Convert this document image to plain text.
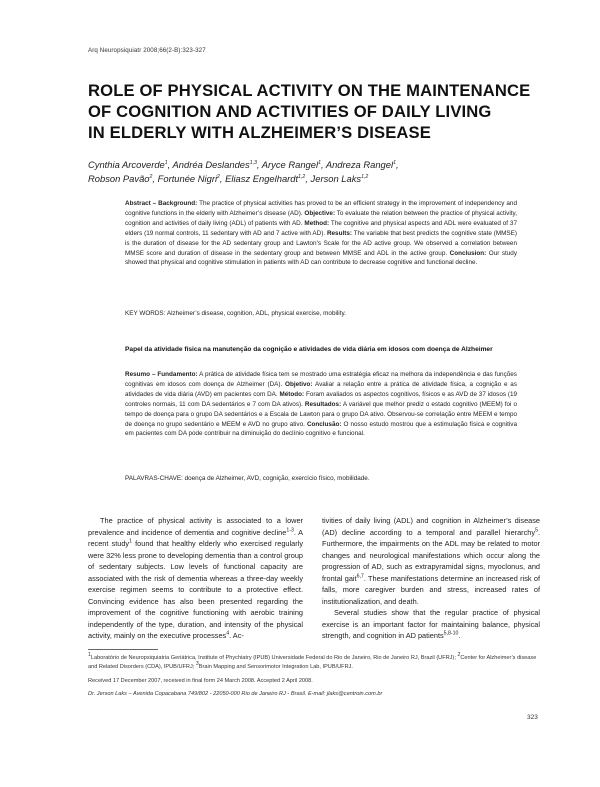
Arq Neuropsiquiatr 2008;66(2-B):323-327
ROLE OF PHYSICAL ACTIVITY ON THE MAINTENANCE
OF COGNITION AND ACTIVITIES OF DAILY LIVING
IN ELDERLY WITH ALZHEIMER’S DISEASE
Cynthia Arcoverde$^1$, Andréa Deslandes$^{1,3}$, Aryce Rangel$^1$, Andreza Rangel$^1$,
Robson Pavão$^2$, Fortunée Nigri$^2$, Eliasz Engelhardt$^{1,2}$, Jerson Laks$^{1,2}$
Abstract – Background: The practice of physical activities has proved to be an efficient strategy in the improvement of independency and cognitive functions in the elderly with Alzheimer’s disease (AD). Objective: To evaluate the relation between the practice of physical activity, cognition and activities of daily living (ADL) of patients with AD. Method: The cognitive and physical aspects and ADL were evaluated of 37 elders (19 normal controls, 11 sedentary with AD and 7 active with AD). Results: The variable that best predicts the cognitive state (MMSE) is the duration of disease for the AD sedentary group and Lawton’s Scale for the AD active group. We observed a correlation between MMSE score and duration of disease in the sedentary group and between MMSE and ADL in the active group. Conclusion: Our study showed that physical and cognitive stimulation in patients with AD can contribute to decrease cognitive and functional decline.
KEY WORDS: Alzheimer’s disease, cognition, ADL, physical exercise, mobility.
Papel da atividade física na manutenção da cognição e atividades de vida diária em idosos com doença de Alzheimer
Resumo – Fundamento: A prática de atividade física tem se mostrado uma estratégia eficaz na melhora da independência e das funções cognitivas em idosos com doença de Alzheimer (DA). Objetivo: Avaliar a relação entre a prática de atividade física, a cognição e as atividades de vida diária (AVD) em pacientes com DA. Método: Foram avaliados os aspectos cognitivos, físicos e as AVD de 37 idosos (19 controles normais, 11 com DA sedentários e 7 com DA ativos). Resultados: A variável que melhor prediz o estado cognitivo (MEEM) foi o tempo de doença para o grupo DA sedentários e a Escala de Lawton para o grupo DA ativo. Observou-se correlação entre MEEM e tempo de doença no grupo sedentário e MEEM e AVD no grupo ativo. Conclusão: O nosso estudo mostrou que a estimulação física e cognitiva em pacientes com DA pode contribuir na diminuição do declínio cognitivo e funcional.
PALAVRAS-CHAVE: doença de Alzheimer, AVD, cognição, exercício físico, mobilidade.

The practice of physical activity is associated to a lower prevalence and incidence of dementia and cognitive decline$^{1-3}$. A recent study$^1$ found that healthy elderly who exercised regularly were 32% less prone to developing dementia than a control group of sedentary subjects. Low levels of functional capacity are associated with the risk of dementia whereas a three-day weekly exercise regimen seems to contribute to a protective effect. Convincing evidence has also been presented regarding the improvement of the cognitive functioning with aerobic training independently of the type, duration, and intensity of the physical activity, mainly on the executive processes$^4$. Ac-

tivities of daily living (ADL) and cognition in Alzheimer’s disease (AD) decline according to a temporal and parallel hierarchy$^5$. Furthermore, the impairments on the ADL may be related to motor changes and neurological manifestations which occur along the progression of AD, such as extrapyramidal signs, myoclonus, and frontal gait$^{6,7}$. These manifestations determine an increased risk of falls, more caregiver burden and stress, increased rates of institutionalization, and death.

Several studies show that the regular practice of physical exercise is an important factor for maintaining balance, physical strength, and cognition in AD patients$^{5,8-10}$.

$^1$Laboratório de Neuropsiquiatria Geriátrica, Institute of Phychiatry (IPUB) Universidade Federal do Rio de Janeiro, Rio de Janeiro RJ, Brazil (UFRJ); $^2$Center for Alzheimer’s disease and Related Disorders (CDA), IPUB/UFRJ; $^3$Brain Mapping and Sensorimotor Integration Lab, IPUB/UFRJ.
Received 17 December 2007, received in final form 24 March 2008. Accepted 2 April 2008.
Dr. Jerson Laks – Avenida Copacabana 749/802 - 22050-000 Rio de Janeiro RJ - Brasil. E-mail: jlaks@centroin.com.br
323
